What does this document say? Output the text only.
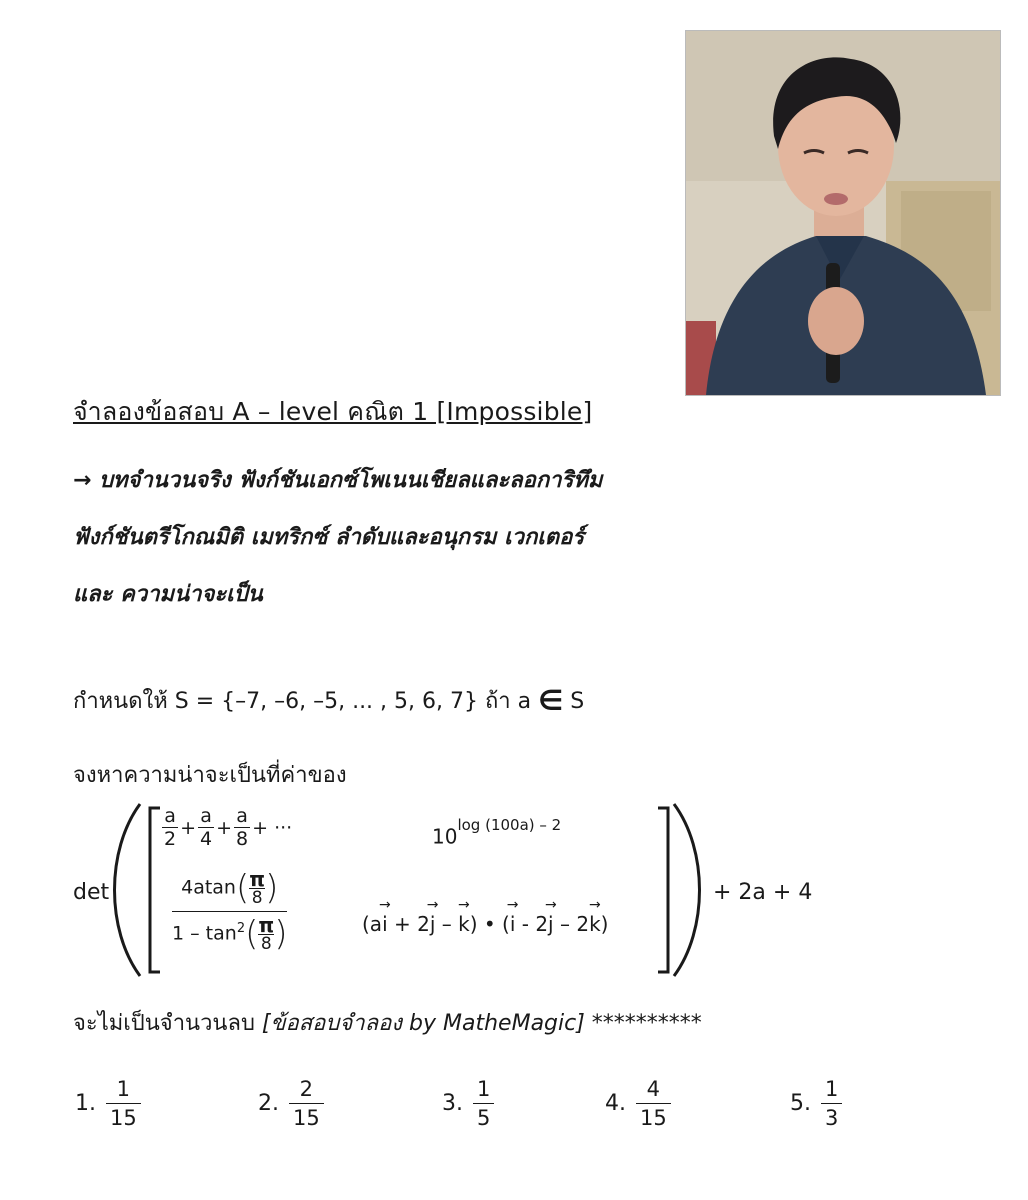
จำลองข้อสอบ A – level คณิต 1 [Impossible]
→ บทจำนวนจริง ฟังก์ชันเอกซ์โพเนนเชียลและลอการิทึม
ฟังก์ชันตรีโกณมิติ เมทริกซ์ ลำดับและอนุกรม เวกเตอร์
และ ความน่าจะเป็น
กำหนดให้ S = {–7, –6, –5, ... , 5, 6, 7} ถ้า a ∈ S
จงหาความน่าจะเป็นที่ค่าของ
det
$\frac{a}{2} + \frac{a}{4} + \frac{a}{8}$ + ···	$10^{log (100a) - 2}$
$\frac{4atan( \frac{\pi}{8} )}{1 - \tan^2( \frac{\pi}{8} )}$	(a→ i + 2→ j – → k) • (→ i - 2→ j – 2→ k)
+ 2a + 4
จะไม่เป็นจำนวนลบ [ข้อสอบจำลอง by MatheMagic] **********
1. $\frac{1}{15}$	2. $\frac{2}{15}$	3. $\frac{1}{5}$	4. $\frac{4}{15}$	5. $\frac{1}{3}$
